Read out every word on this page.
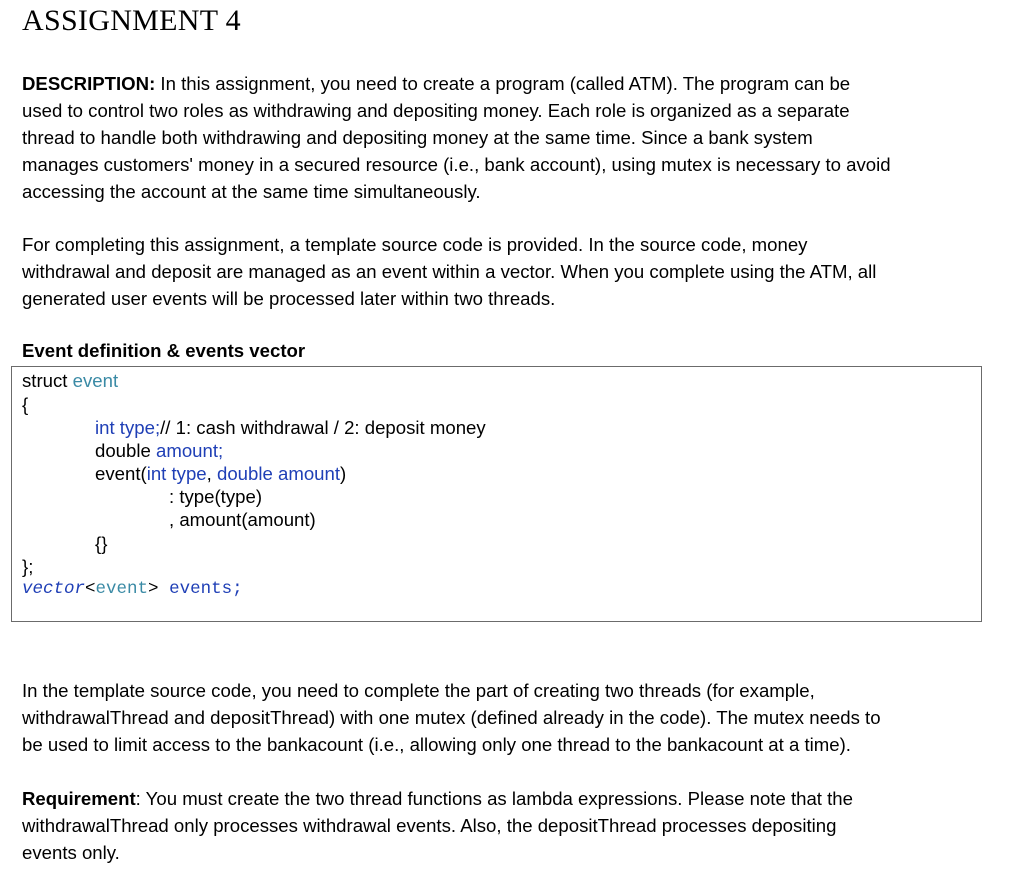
ASSIGNMENT 4
DESCRIPTION: In this assignment, you need to create a program (called ATM). The program can be
used to control two roles as withdrawing and depositing money. Each role is organized as a separate
thread to handle both withdrawing and depositing money at the same time. Since a bank system
manages customers' money in a secured resource (i.e., bank account), using mutex is necessary to avoid
accessing the account at the same time simultaneously.
For completing this assignment, a template source code is provided. In the source code, money
withdrawal and deposit are managed as an event within a vector. When you complete using the ATM, all
generated user events will be processed later within two threads.
Event definition & events vector
struct event
{
int type;// 1: cash withdrawal / 2: deposit money
double amount;
event(int type, double amount)
: type(type)
, amount(amount)
{}
};
vector<event> events;
In the template source code, you need to complete the part of creating two threads (for example,
withdrawalThread and depositThread) with one mutex (defined already in the code). The mutex needs to
be used to limit access to the bankacount (i.e., allowing only one thread to the bankacount at a time).
Requirement: You must create the two thread functions as lambda expressions. Please note that the
withdrawalThread only processes withdrawal events. Also, the depositThread processes depositing
events only.
